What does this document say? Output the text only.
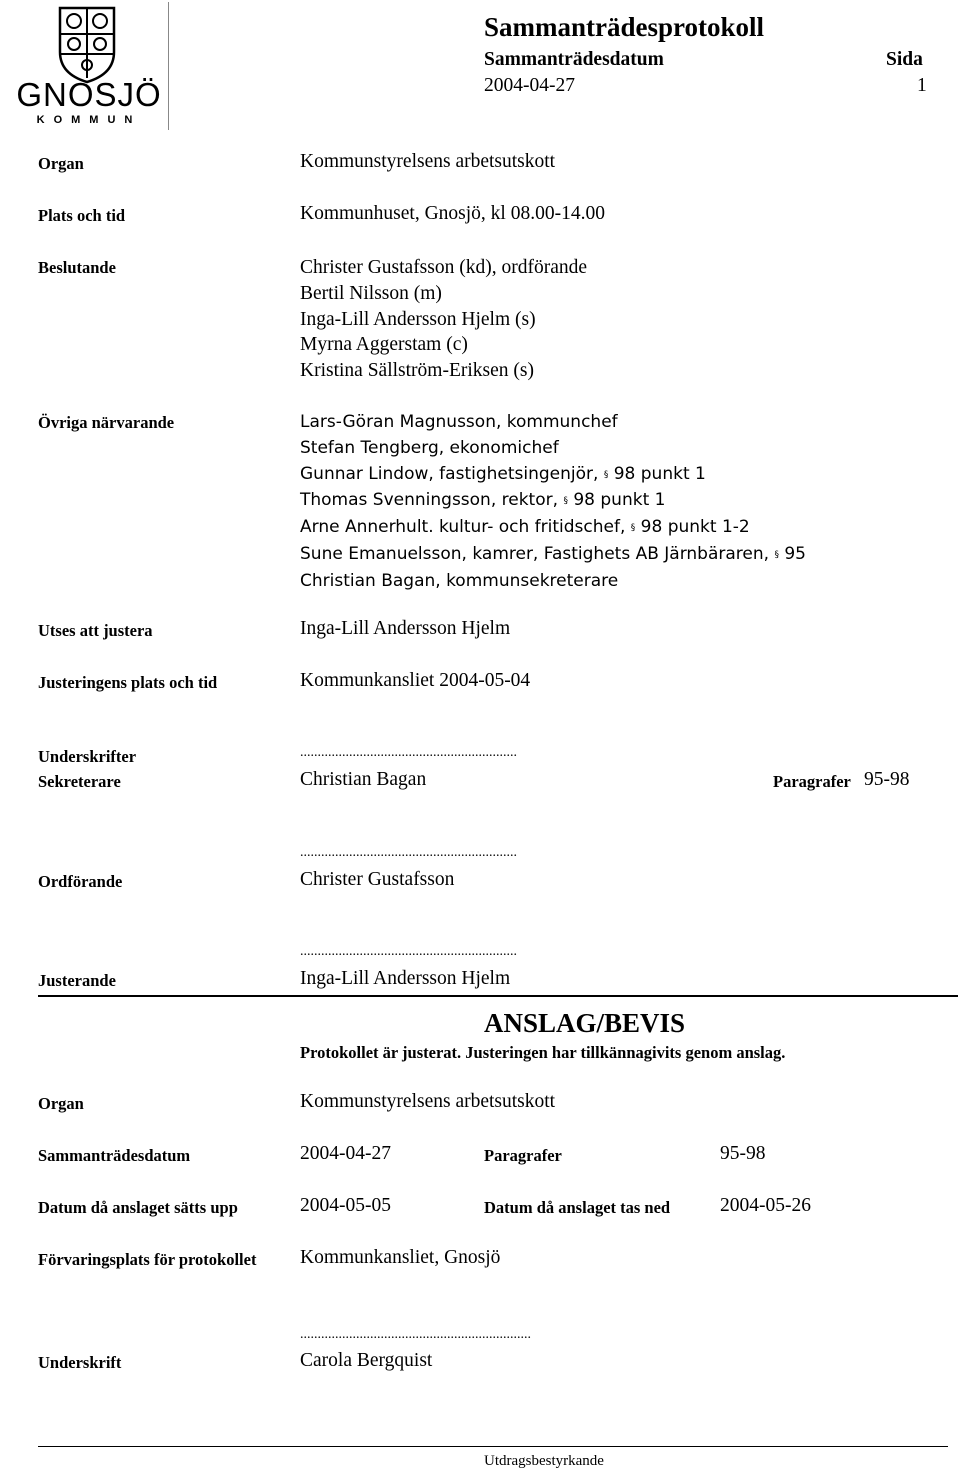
GNOSJÖ
KOMMUN
Sammanträdesprotokoll
Sammanträdesdatum	Sida
2004-04-27	1
Organ	Kommunstyrelsens arbetsutskott
Plats och tid	Kommunhuset, Gnosjö, kl 08.00-14.00
Beslutande	Christer Gustafsson (kd), ordförande
Bertil Nilsson (m)
Inga-Lill Andersson Hjelm (s)
Myrna Aggerstam (c)
Kristina Sällström-Eriksen (s)
Övriga närvarande	Lars-Göran Magnusson, kommunchef
Stefan Tengberg, ekonomichef
Gunnar Lindow, fastighetsingenjör, § 98 punkt 1
Thomas Svenningsson, rektor, § 98 punkt 1
Arne Annerhult. kultur- och fritidschef, § 98 punkt 1-2
Sune Emanuelsson, kamrer, Fastighets AB Järnbäraren, § 95
Christian Bagan, kommunsekreterare
Utses att justera	Inga-Lill Andersson Hjelm
Justeringens plats och tid	Kommunkansliet 2004-05-04
Underskrifter	..............................................................
Sekreterare	Christian Bagan	Paragrafer 95-98
..............................................................
Ordförande	Christer Gustafsson
..............................................................
Justerande	Inga-Lill Andersson Hjelm
ANSLAG/BEVIS
Protokollet är justerat. Justeringen har tillkännagivits genom anslag.
Organ	Kommunstyrelsens arbetsutskott
Sammanträdesdatum	2004-04-27	Paragrafer	95-98
Datum då anslaget sätts upp	2004-05-05	Datum då anslaget tas ned	2004-05-26
Förvaringsplats för protokollet Kommunkansliet, Gnosjö
..................................................................
Underskrift	Carola Bergquist
Utdragsbestyrkande
